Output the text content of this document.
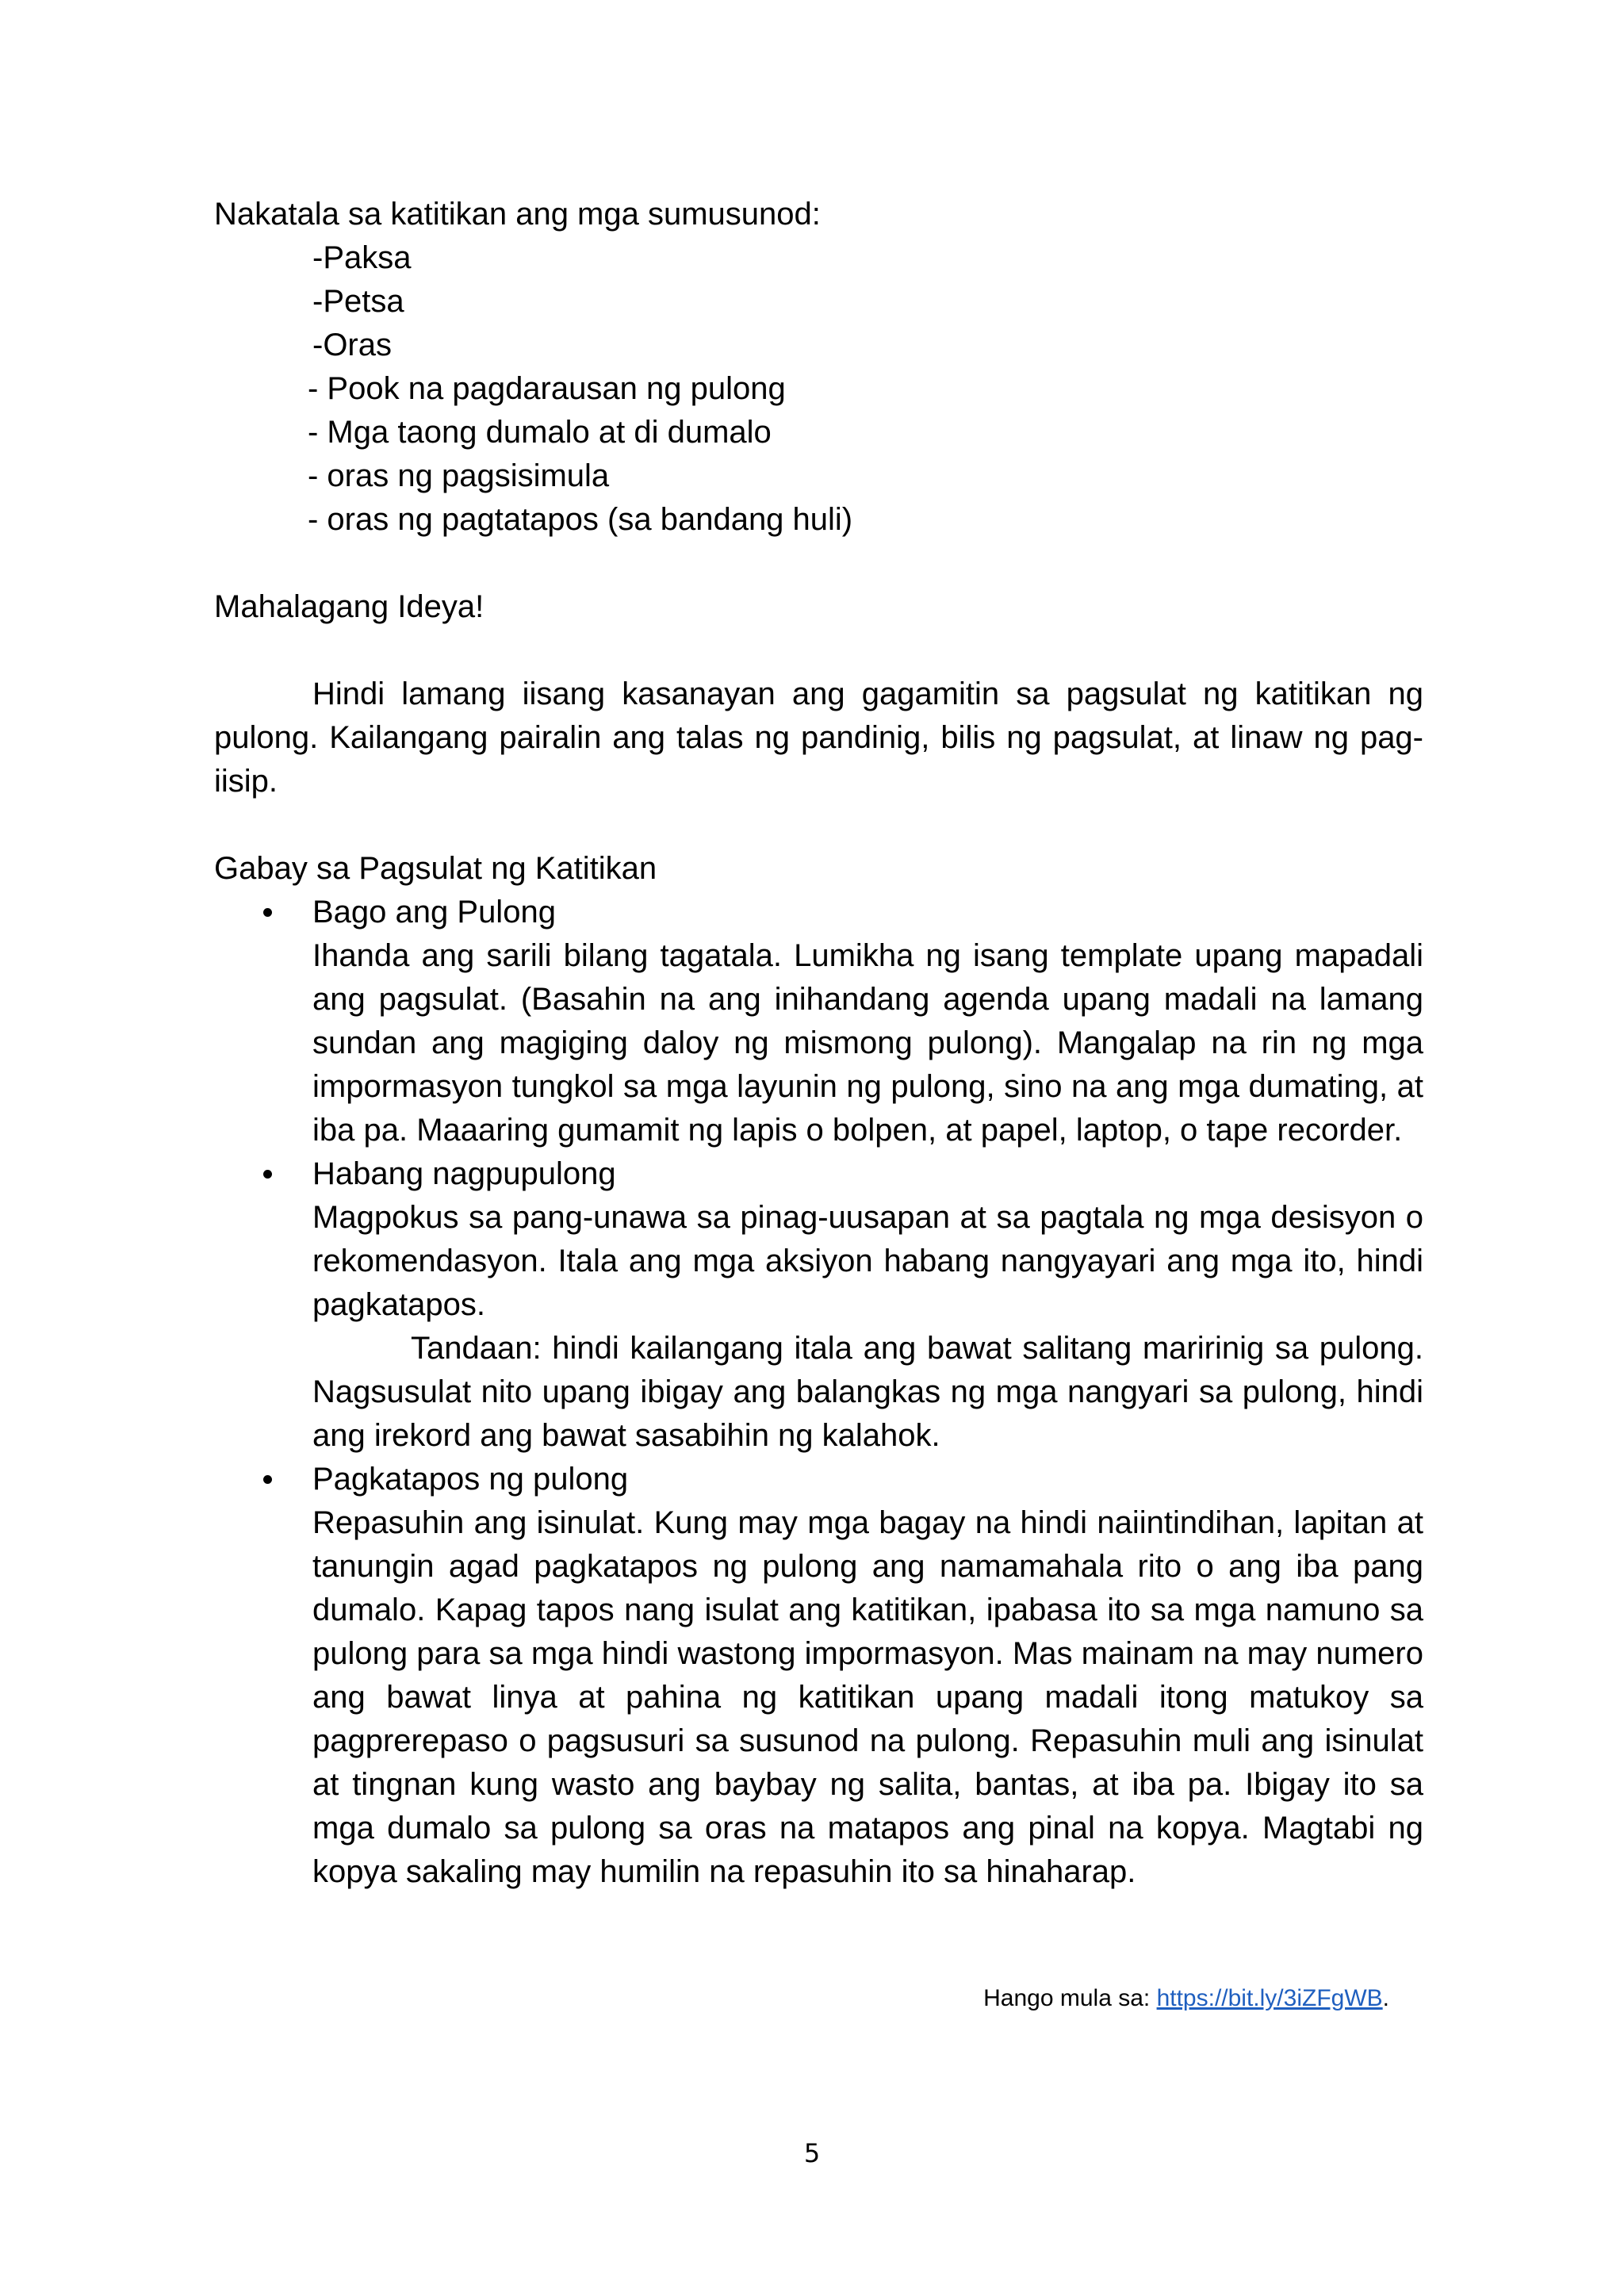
Nakatala sa katitikan ang mga sumusunod:

-Paksa
-Petsa
-Oras
- Pook na pagdarausan ng pulong
- Mga taong dumalo at di dumalo
- oras ng pagsisimula
- oras ng pagtatapos (sa bandang huli)

Mahalagang Ideya!

Hindi lamang iisang kasanayan ang gagamitin sa pagsulat ng katitikan ng pulong. Kailangang pairalin ang talas ng pandinig, bilis ng pagsulat, at linaw ng pag-iisip.

Gabay sa Pagsulat ng Katitikan

Bago ang Pulong
Ihanda ang sarili bilang tagatala. Lumikha ng isang template upang mapadali ang pagsulat. (Basahin na ang inihandang agenda upang madali na lamang sundan ang magiging daloy ng mismong pulong). Mangalap na rin ng mga impormasyon tungkol sa mga layunin ng pulong, sino na ang mga dumating, at iba pa. Maaaring gumamit ng lapis o bolpen, at papel, laptop, o tape recorder.
Habang nagpupulong
Magpokus sa pang-unawa sa pinag-uusapan at sa pagtala ng mga desisyon o rekomendasyon. Itala ang mga aksiyon habang nangyayari ang mga ito, hindi pagkatapos.
Tandaan: hindi kailangang itala ang bawat salitang maririnig sa pulong. Nagsusulat nito upang ibigay ang balangkas ng mga nangyari sa pulong, hindi ang irekord ang bawat sasabihin ng kalahok.
Pagkatapos ng pulong
Repasuhin ang isinulat. Kung may mga bagay na hindi naiintindihan, lapitan at tanungin agad pagkatapos ng pulong ang namamahala rito o ang iba pang dumalo. Kapag tapos nang isulat ang katitikan, ipabasa ito sa mga namuno sa pulong para sa mga hindi wastong impormasyon. Mas mainam na may numero ang bawat linya at pahina ng katitikan upang madali itong matukoy sa pagprerepaso o pagsusuri sa susunod na pulong. Repasuhin muli ang isinulat at tingnan kung wasto ang baybay ng salita, bantas, at iba pa. Ibigay ito sa mga dumalo sa pulong sa oras na matapos ang pinal na kopya. Magtabi ng kopya sakaling may humilin na repasuhin ito sa hinaharap.
Hango mula sa: https://bit.ly/3iZFgWB.
5
